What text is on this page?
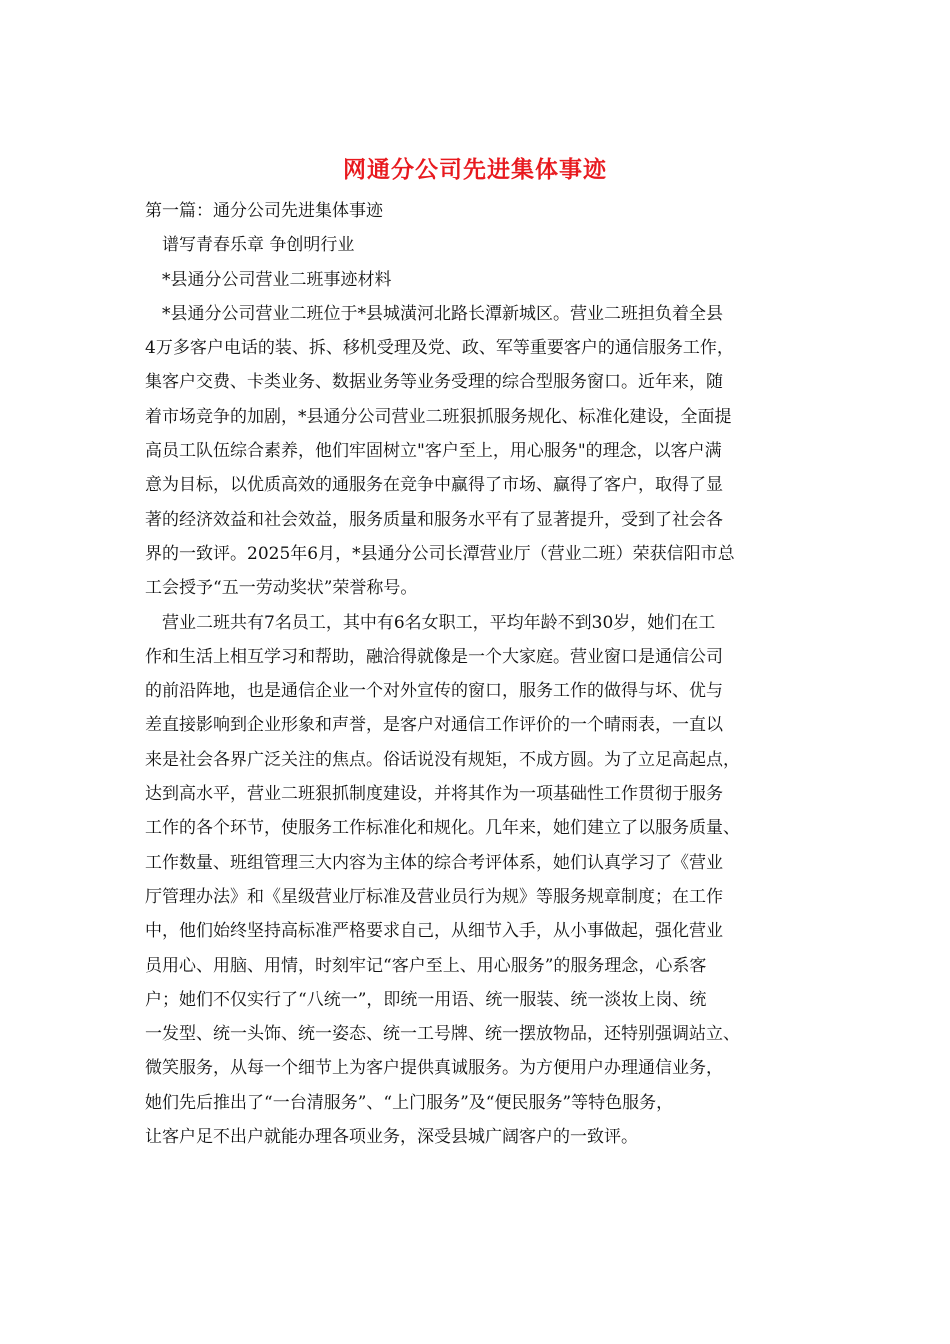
网通分公司先进集体事迹
第一篇：通分公司先进集体事迹
谱写青春乐章 争创明行业
*县通分公司营业二班事迹材料
*县通分公司营业二班位于*县城潢河北路长潭新城区。营业二班担负着全县
4万多客户电话的装、拆、移机受理及党、政、军等重要客户的通信服务工作，
集客户交费、卡类业务、数据业务等业务受理的综合型服务窗口。近年来，随
着市场竞争的加剧，*县通分公司营业二班狠抓服务规化、标准化建设，全面提
高员工队伍综合素养，他们牢固树立"客户至上，用心服务"的理念，以客户满
意为目标，以优质高效的通服务在竞争中赢得了市场、赢得了客户，取得了显
著的经济效益和社会效益，服务质量和服务水平有了显著提升，受到了社会各
界的一致评。2025年6月，*县通分公司长潭营业厅（营业二班）荣获信阳市总
工会授予“五一劳动奖状”荣誉称号。
营业二班共有7名员工，其中有6名女职工，平均年龄不到30岁，她们在工
作和生活上相互学习和帮助，融洽得就像是一个大家庭。营业窗口是通信公司
的前沿阵地，也是通信企业一个对外宣传的窗口，服务工作的做得与坏、优与
差直接影响到企业形象和声誉，是客户对通信工作评价的一个晴雨表，一直以
来是社会各界广泛关注的焦点。俗话说没有规矩，不成方圆。为了立足高起点，
达到高水平，营业二班狠抓制度建设，并将其作为一项基础性工作贯彻于服务
工作的各个环节，使服务工作标准化和规化。几年来，她们建立了以服务质量、
工作数量、班组管理三大内容为主体的综合考评体系，她们认真学习了《营业
厅管理办法》和《星级营业厅标准及营业员行为规》等服务规章制度；在工作
中，他们始终坚持高标准严格要求自己，从细节入手，从小事做起，强化营业
员用心、用脑、用情，时刻牢记“客户至上、用心服务”的服务理念，心系客
户；她们不仅实行了“八统一”，即统一用语、统一服装、统一淡妆上岗、统
一发型、统一头饰、统一姿态、统一工号牌、统一摆放物品，还特别强调站立、
微笑服务，从每一个细节上为客户提供真诚服务。为方便用户办理通信业务，
她们先后推出了“一台清服务”、“上门服务”及“便民服务”等特色服务，
让客户足不出户就能办理各项业务，深受县城广阔客户的一致评。
